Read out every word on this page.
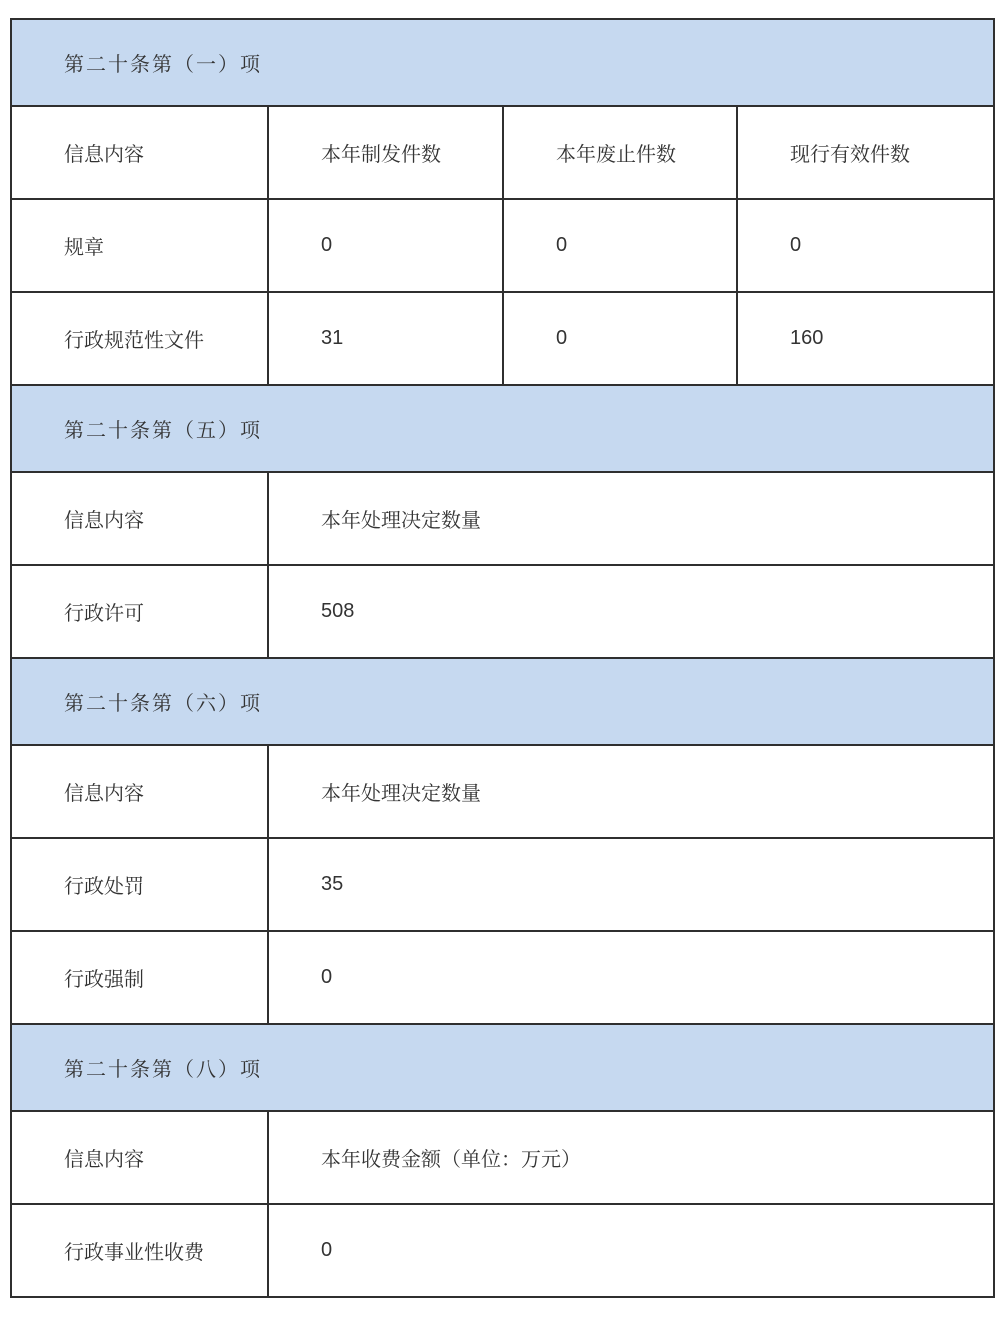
第二十条第（一）项			
信息内容	本年制发件数	本年废止件数	现行有效件数
规章	0	0	0
行政规范性文件	31	0	160
第二十条第（五）项			
信息内容	本年处理决定数量		
行政许可	508		
第二十条第（六）项			
信息内容	本年处理决定数量		
行政处罚	35		
行政强制	0		
第二十条第（八）项			
信息内容	本年收费金额（单位：万元）		
行政事业性收费	0		
